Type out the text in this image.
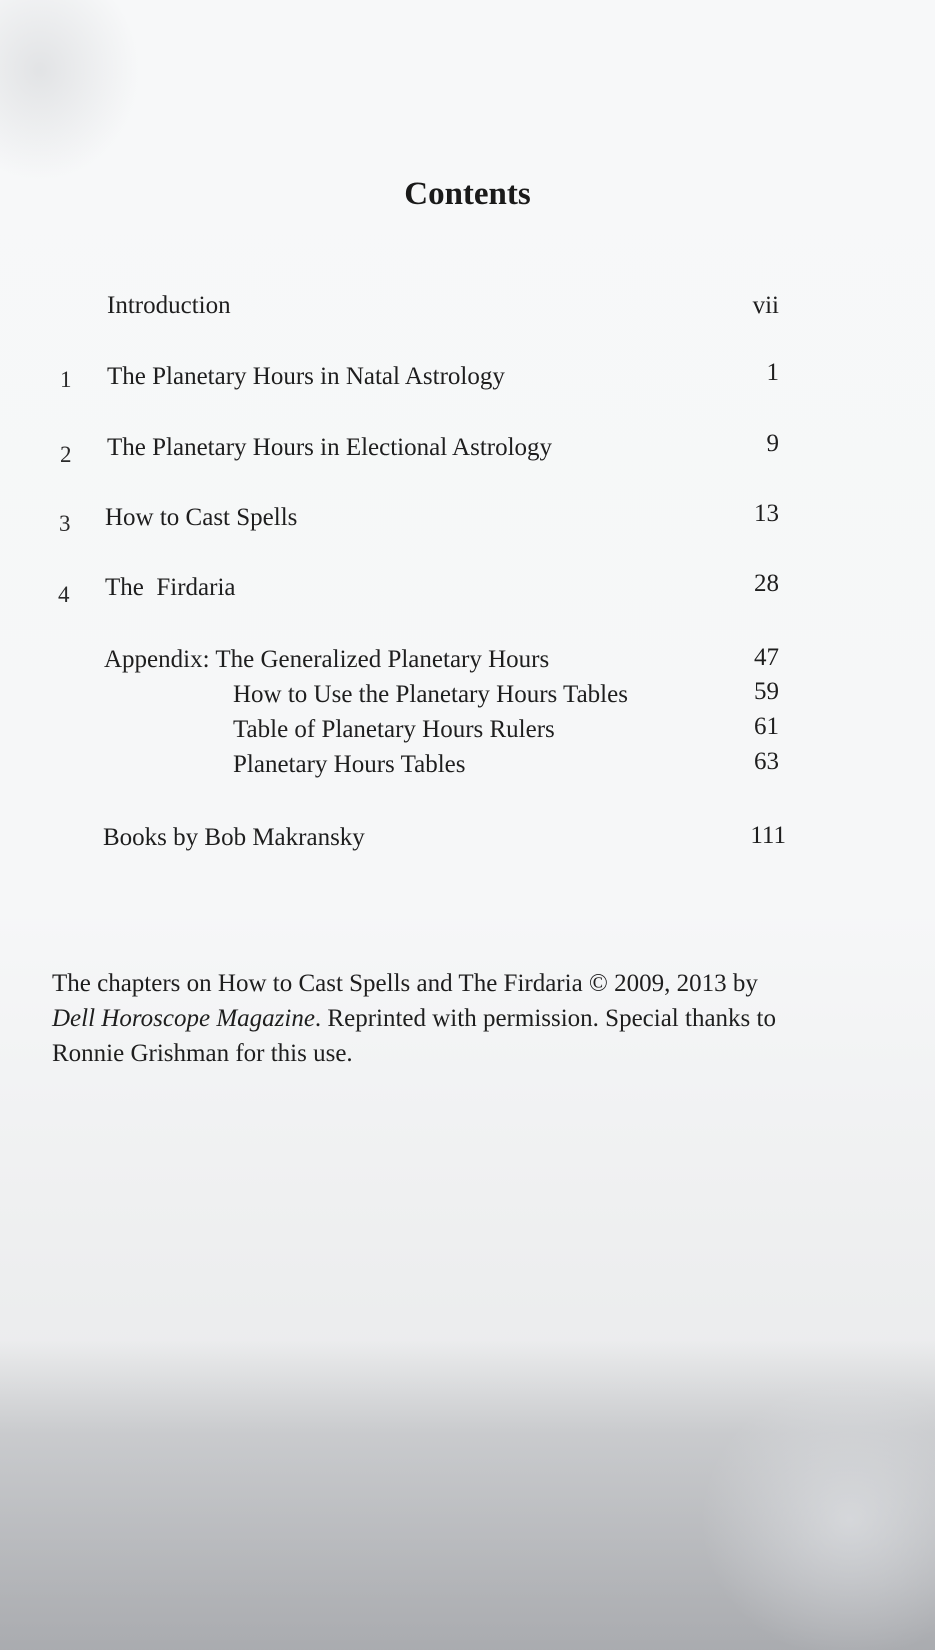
Contents
Introduction	vii
1 The Planetary Hours in Natal Astrology	1
2 The Planetary Hours in Electional Astrology	9
3 How to Cast Spells	13
4 The  Firdaria	28
Appendix: The Generalized Planetary Hours	47
How to Use the Planetary Hours Tables	59
Table of Planetary Hours Rulers	61
Planetary Hours Tables	63
Books by Bob Makransky	111
The chapters on How to Cast Spells and The Firdaria © 2009, 2013 by
Dell Horoscope Magazine. Reprinted with permission. Special thanks to
Ronnie Grishman for this use.
